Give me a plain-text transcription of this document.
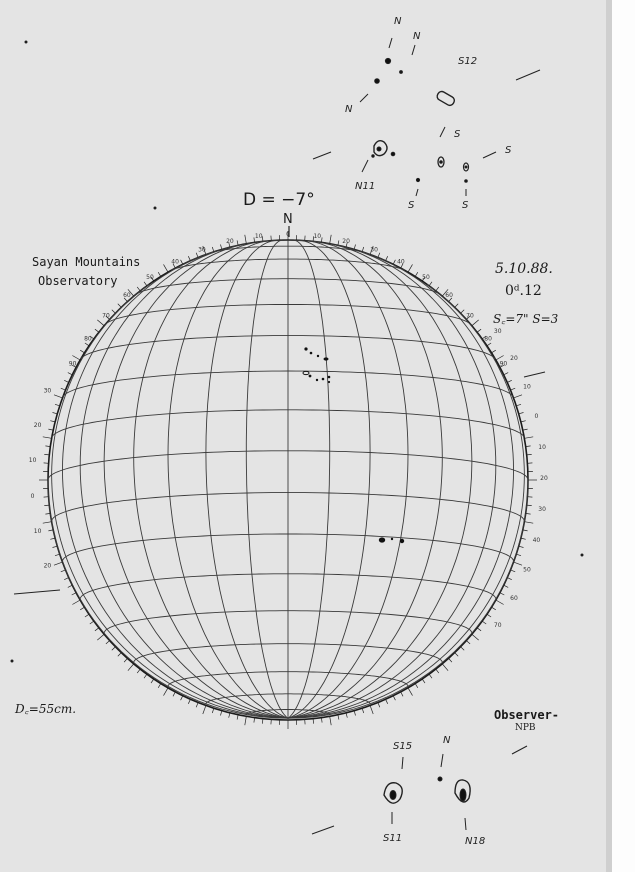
30
20
10
0
10
20
30
40
50
60
70
20
10
0
10
20
30
90
80
70
60
50
40
30
20
10	0	10
20
30
40
50
60
70
80
90
D = −7°
N
Sayan Mountains
Observatory
5.10.88.
0ᵈ.12
S꜀=7" S=3
D꜀=55cm.	Observer-
NPB
N
N
S12
N
S
S
N11
S	S
S15
N
S11	N18
